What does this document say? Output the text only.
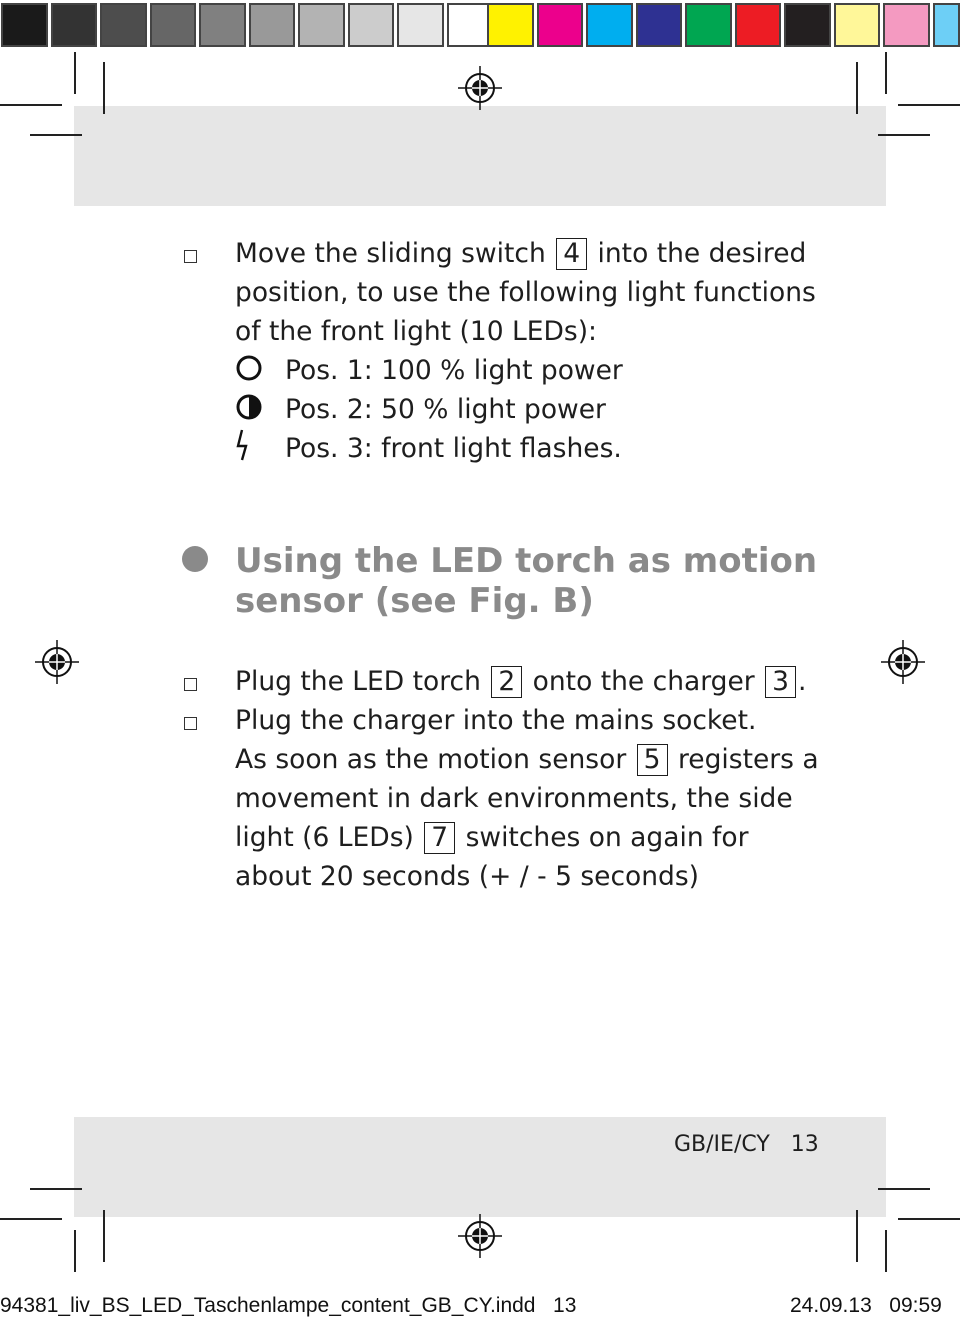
Move the sliding switch 4 into the desired
position, to use the following light functions
of the front light (10 LEDs):
Pos. 1: 100 % light power
Pos. 2: 50 % light power
Pos. 3: front light flashes.
Using the LED torch as motion
sensor (see Fig. B)
Plug the LED torch 2 onto the charger 3 .
Plug the charger into the mains socket.
As soon as the motion sensor 5 registers a
movement in dark environments, the side
light (6 LEDs) 7 switches on again for
about 20 seconds (+ / - 5 seconds)
GB/IE/CY 13
94381_liv_BS_LED_Taschenlampe_content_GB_CY.indd 13	24.09.13 09:59
